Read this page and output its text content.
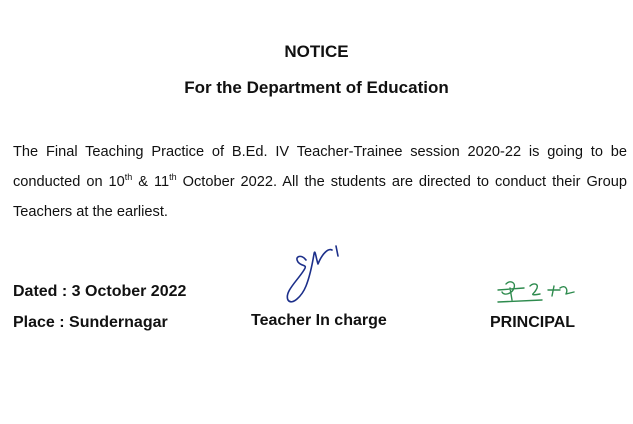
NOTICE
For the Department of Education
The Final Teaching Practice of B.Ed. IV Teacher-Trainee session 2020-22 is going to be conducted on 10th & 11th October 2022. All the students are directed to conduct their Group Teachers at the earliest.
Dated : 3 October 2022
Place : Sundernagar	Teacher In charge	PRINCIPAL
